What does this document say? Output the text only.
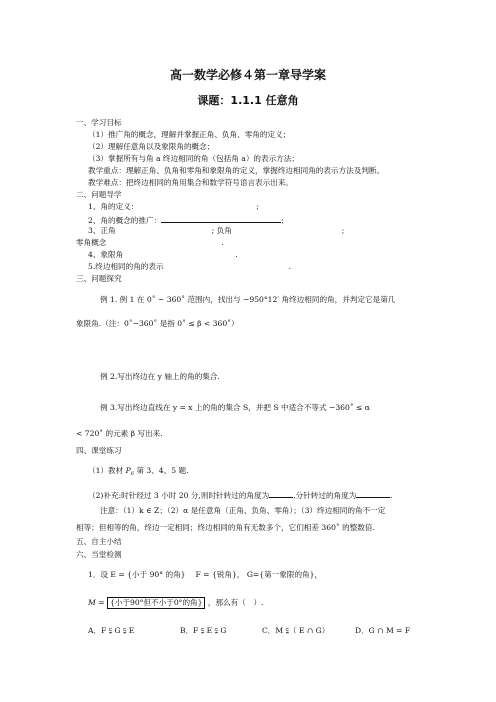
高一数学必修４第一章导学案
课题：1.1.1 任意角
一、学习目标
（1）推广角的概念，理解并掌握正角、负角、零角的定义；
（2）理解任意角以及象限角的概念；
（3）掌握所有与角 a 终边相同的角（包括角 a）的表示方法；
教学重点：理解正角、负角和零角和象限角的定义，掌握终边相同角的表示方法及判断。
教学难点：把终边相同的角用集合和数学符号语言表示出来。
二、问题导学
1、角的定义：	;
2、角的概念的推广：	;
3、正角	; 负角	;
零角概念	.
4、象限角	.
5.终边相同的角的表示	.
三、问题探究
例 1. 例 1 在 0˚ ~ 360˚ 范围内，找出与 −950°12′ 角终边相同的角，并判定它是第几
象限角.（注：0˚−360˚ 是指 0˚ ≤ β < 360˚）
例 2.写出终边在 y 轴上的角的集合.
例 3.写出终边直线在 y = x 上的角的集合 S，并把 S 中适合不等式 −360˚ ≤ α
< 720˚ 的元素 β 写出来.
四、课堂练习
（1）教材 $P_6$ 第 3、4、5 题.
（2)补充:时针经过 3 小时 20 分,则时针转过的角度为	,分针转过的角度为	.
注意：（1）k ∈ Z；（2）α 是任意角（正角、负角、零角）；（3）终边相同的角不一定
相等；但相等的角，终边一定相同；终边相同的角有无数多个，它们相差 360˚ 的整数倍.
五、自主小结
六、当堂检测
1．设 E = {小于 90° 的角}　 F = {锐角}， G={第一象限的角}，
M = {小于90°但不小于0°的角} ，那么有（　）.
A．F ⫋ G ⫋ E	B．F ⫋ E ⫋ G	C．M ⫋（ E ∩ G）	D．G ∩ M = F
